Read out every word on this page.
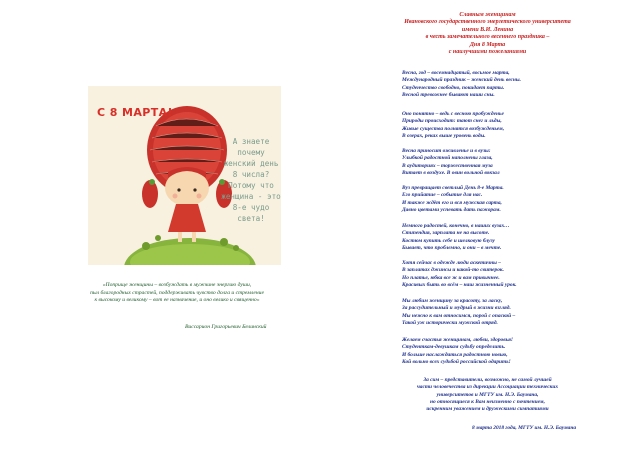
С 8 МАРТА!
А знаете почему
женский день
8 числа?
Потому что
женщина - это
8-е чудо света!
«Поприще женщины – возбуждать в мужчине энергию души,
пыл благородных страстей, поддерживать чувство долга и стремление
к высокому и великому – вот ее назначение, и оно велико и священно»
Виссарион Григорьевич Белинский
Славным женщинам
Ивановского государственного энергетического университета
имени В.И. Ленина
в честь замечательного весеннего праздника –
Дня 8 Марта
с наилучшими пожеланиями
Весна, год – восемнадцатый, восьмое марта,
Международный праздник – женский день весны.
Студенчество свободно, покидает парты.
Весной тревожнее бывают наши сны.
Оно понятно – ведь с весною пробужденье
Природы происходит: тают снег и льды,
Живые существа полнятся возбужденьем,
В озерах, реках выше уровень воды.
Весна приносит оживленье и в вузы:
Улыбкой радостной наполнены глаза,
В аудиториях – торжественная муза
Витает в воздухе. В овин вольной вокзал
Вуз превращает светлый День 8-е Марта.
Его прийатие – событие для нас.
И также ждёт его и вся мужская сарта,
Давно цветами успевать дать пажорам.
Немного радостей, конечно, в наших вузах…
Стипендия, зарплата не на высоте.
Костюм купить себе и шелковую блузу
Бывает, что проблемно, и они – в мечте.
Хотя сейчас в одежде люди аскетичны –
В заплатах джинсы и какой-то свитерок.
Но платье, юбка все ж и вам привычнее.
Красивых быть во всём – наш жизненный урок.
Мы любим женщину за красоту, за ласку,
За рассудительный и мудрый в жизни взгляд.
Мы нежно к вам относимся, порой с опаской –
Такой уж исторически мужской отряд.
Желаем счастья женщинам, любви, здоровья!
Студенткам-девушкам судьбу определить.
И больше наслаждаться радостною новью,
Кой вольно всех судьбой российской одарить!
За сим – представители, возможно, не самой лучшей
части человечества из дирекции Ассоциации технических
университетов и МГТУ им. Н.Э. Баумана,
но относящиеся к Вам неизменно с почтением,
искренним уважением и дружескими симпатиями
8 марта 2018 года, МГТУ им. Н.Э. Баумана
